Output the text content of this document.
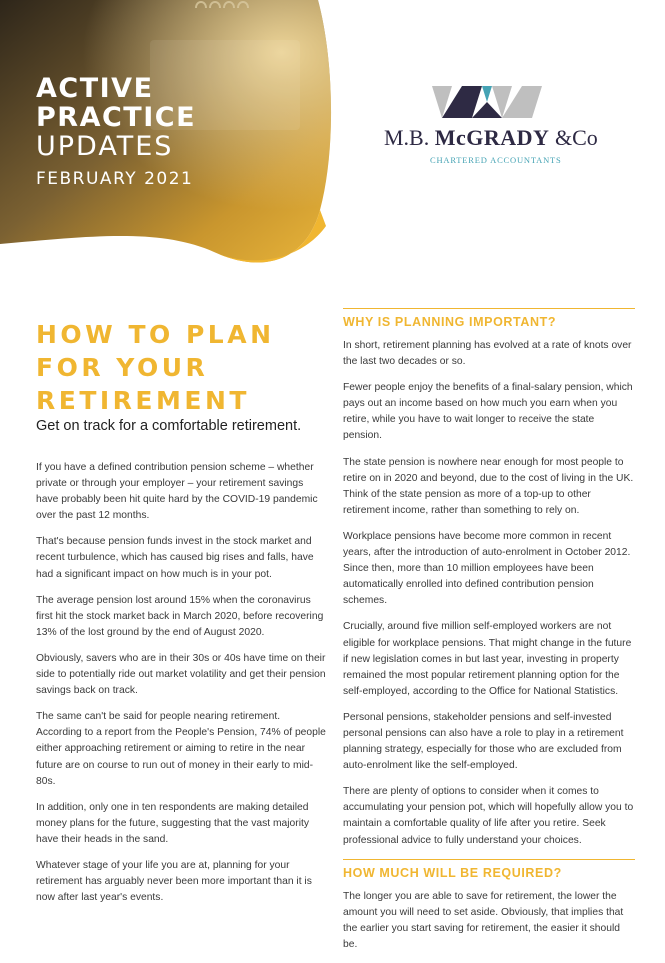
ACTIVE
PRACTICE
UPDATES
FEBRUARY 2021
M.B. McGRADY &Co
CHARTERED ACCOUNTANTS
HOW TO PLAN FOR YOUR RETIREMENT
Get on track for a comfortable retirement.

If you have a defined contribution pension scheme – whether private or through your employer – your retirement savings have probably been hit quite hard by the COVID-19 pandemic over the past 12 months.

That's because pension funds invest in the stock market and recent turbulence, which has caused big rises and falls, have had a significant impact on how much is in your pot.

The average pension lost around 15% when the coronavirus first hit the stock market back in March 2020, before recovering 13% of the lost ground by the end of August 2020.

Obviously, savers who are in their 30s or 40s have time on their side to potentially ride out market volatility and get their pension savings back on track.

The same can't be said for people nearing retirement. According to a report from the People's Pension, 74% of people either approaching retirement or aiming to retire in the near future are on course to run out of money in their early to mid-80s.

In addition, only one in ten respondents are making detailed money plans for the future, suggesting that the vast majority have their heads in the sand.

Whatever stage of your life you are at, planning for your retirement has arguably never been more important than it is now after last year's events.

WHY IS PLANNING IMPORTANT?

In short, retirement planning has evolved at a rate of knots over the last two decades or so.

Fewer people enjoy the benefits of a final-salary pension, which pays out an income based on how much you earn when you retire, while you have to wait longer to receive the state pension.

The state pension is nowhere near enough for most people to retire on in 2020 and beyond, due to the cost of living in the UK. Think of the state pension as more of a top-up to other retirement income, rather than something to rely on.

Workplace pensions have become more common in recent years, after the introduction of auto-enrolment in October 2012. Since then, more than 10 million employees have been automatically enrolled into defined contribution pension schemes.

Crucially, around five million self-employed workers are not eligible for workplace pensions. That might change in the future if new legislation comes in but last year, investing in property remained the most popular retirement planning option for the self-employed, according to the Office for National Statistics.

Personal pensions, stakeholder pensions and self-invested personal pensions can also have a role to play in a retirement planning strategy, especially for those who are excluded from auto-enrolment like the self-employed.

There are plenty of options to consider when it comes to accumulating your pension pot, which will hopefully allow you to maintain a comfortable quality of life after you retire. Seek professional advice to fully understand your choices.

HOW MUCH WILL BE REQUIRED?

The longer you are able to save for retirement, the lower the amount you will need to set aside. Obviously, that implies that the earlier you start saving for retirement, the easier it should be.
